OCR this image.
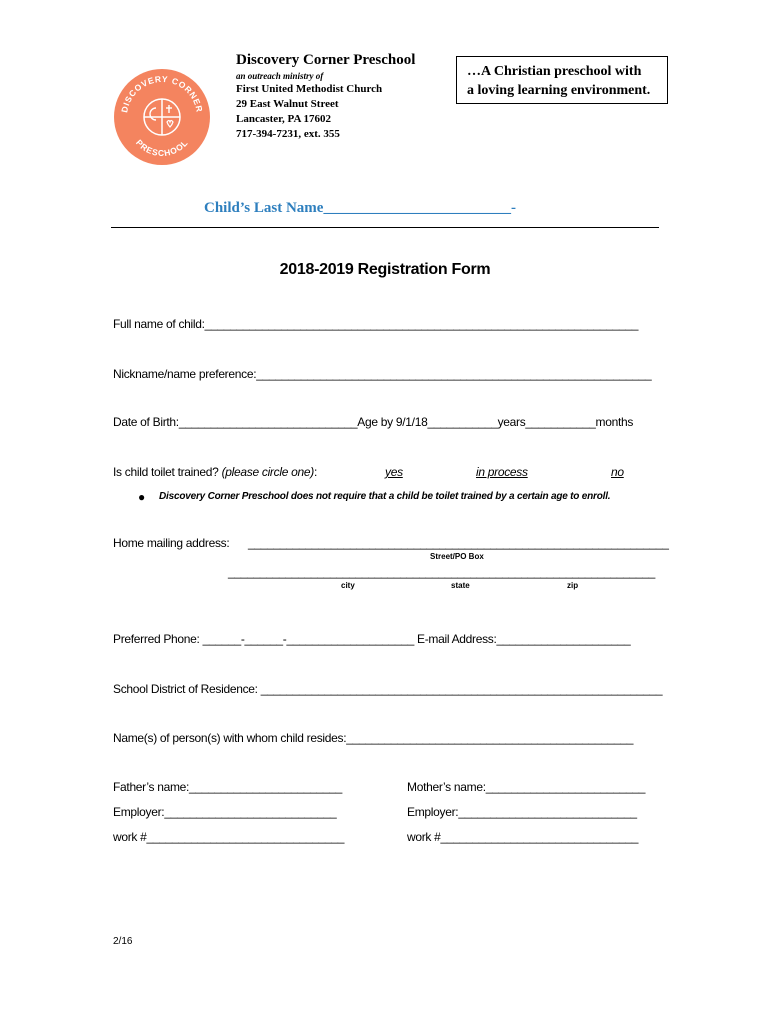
DISCOVERY CORNER
PRESCHOOL
Discovery Corner Preschool
an outreach ministry of
First United Methodist Church
29 East Walnut Street
Lancaster, PA 17602
717-394-7231, ext. 355
…A Christian preschool with
a loving learning environment.
Child’s Last Name_________________________-
2018-2019 Registration Form
Full name of child:____________________________________________________________________
Nickname/name preference:______________________________________________________________
Date of Birth:____________________________Age by 9/1/18___________years___________months
Is child toilet trained? (please circle one):	yes	in process	no
● Discovery Corner Preschool does not require that a child be toilet trained by a certain age to enroll.
Home mailing address: __________________________________________________________________
Street/PO Box
___________________________________________________________________
city	state	zip
Preferred Phone: ______-______-____________________ E-mail Address:_____________________
School District of Residence: _______________________________________________________________
Name(s) of person(s) with whom child resides:_____________________________________________
Father’s name:________________________	Mother’s name:_________________________
Employer:___________________________	Employer:____________________________
work #_______________________________	work #_______________________________
2/16
